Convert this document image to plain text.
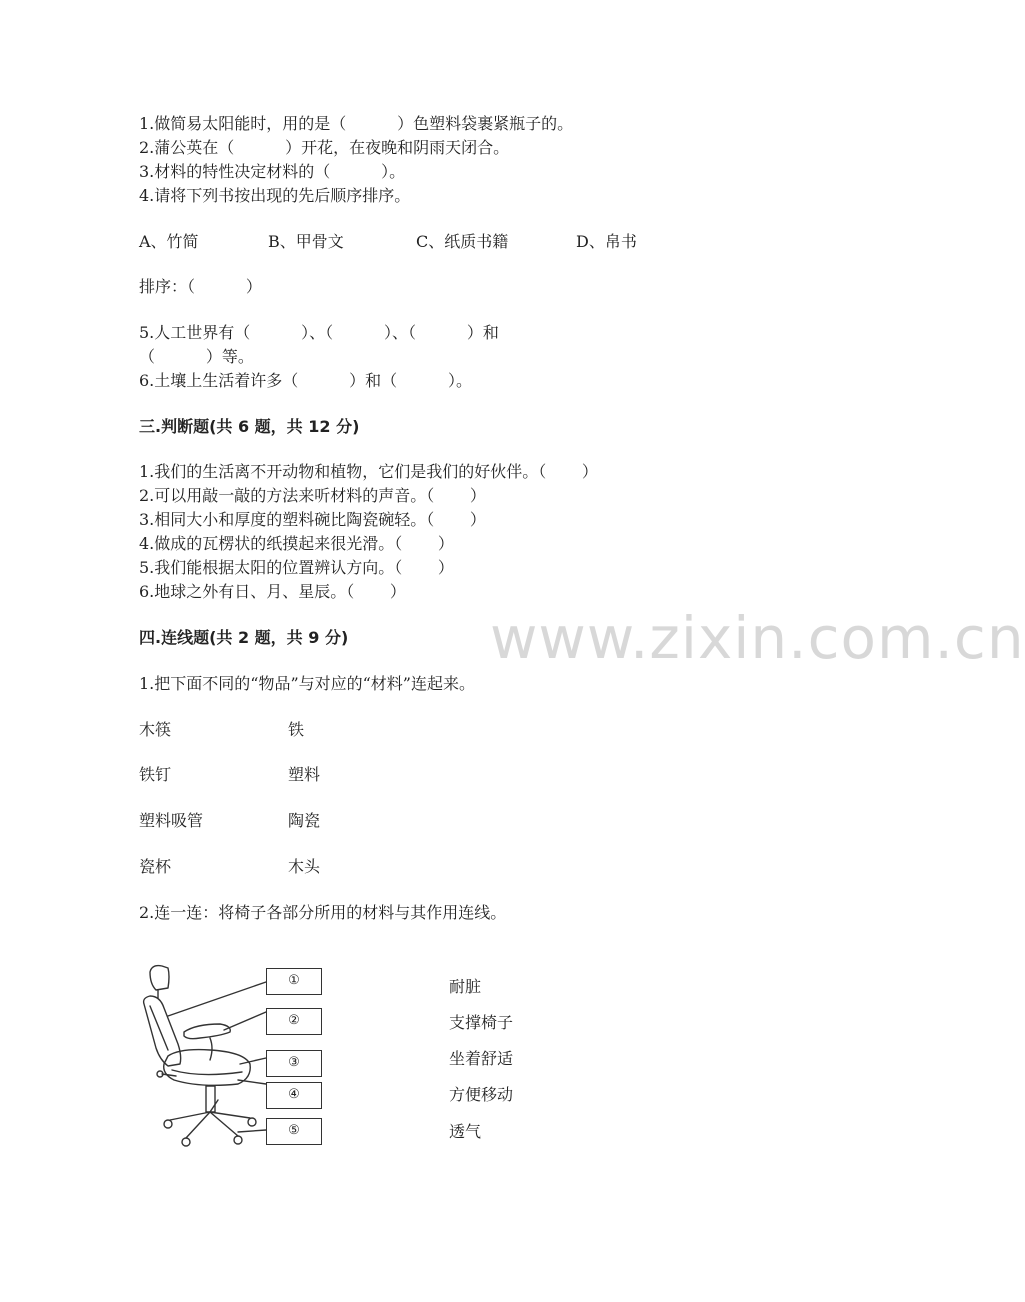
1.做简易太阳能时，用的是（          ）色塑料袋裹紧瓶子的。
2.蒲公英在（          ）开花，在夜晚和阴雨天闭合。
3.材料的特性决定材料的（          ）。
4.请将下列书按出现的先后顺序排序。
A、竹简	B、甲骨文	C、纸质书籍	D、帛书
排序：（          ）
5.人工世界有（          ）、（          ）、（          ）和
（          ）等。
6.土壤上生活着许多（          ）和（          ）。
三.判断题(共 6 题，共 12 分)
1.我们的生活离不开动物和植物，它们是我们的好伙伴。（       ）
2.可以用敲一敲的方法来听材料的声音。（       ）
3.相同大小和厚度的塑料碗比陶瓷碗轻。（       ）
4.做成的瓦楞状的纸摸起来很光滑。（       ）
5.我们能根据太阳的位置辨认方向。（       ）
6.地球之外有日、月、星辰。（       ）
www.zixin.com.cn
四.连线题(共 2 题，共 9 分)
1.把下面不同的“物品”与对应的“材料”连起来。
木筷	铁
铁钉	塑料
塑料吸管	陶瓷
瓷杯	木头
2.连一连：将椅子各部分所用的材料与其作用连线。
①
②
③
④
⑤
耐脏
支撑椅子
坐着舒适
方便移动
透气
